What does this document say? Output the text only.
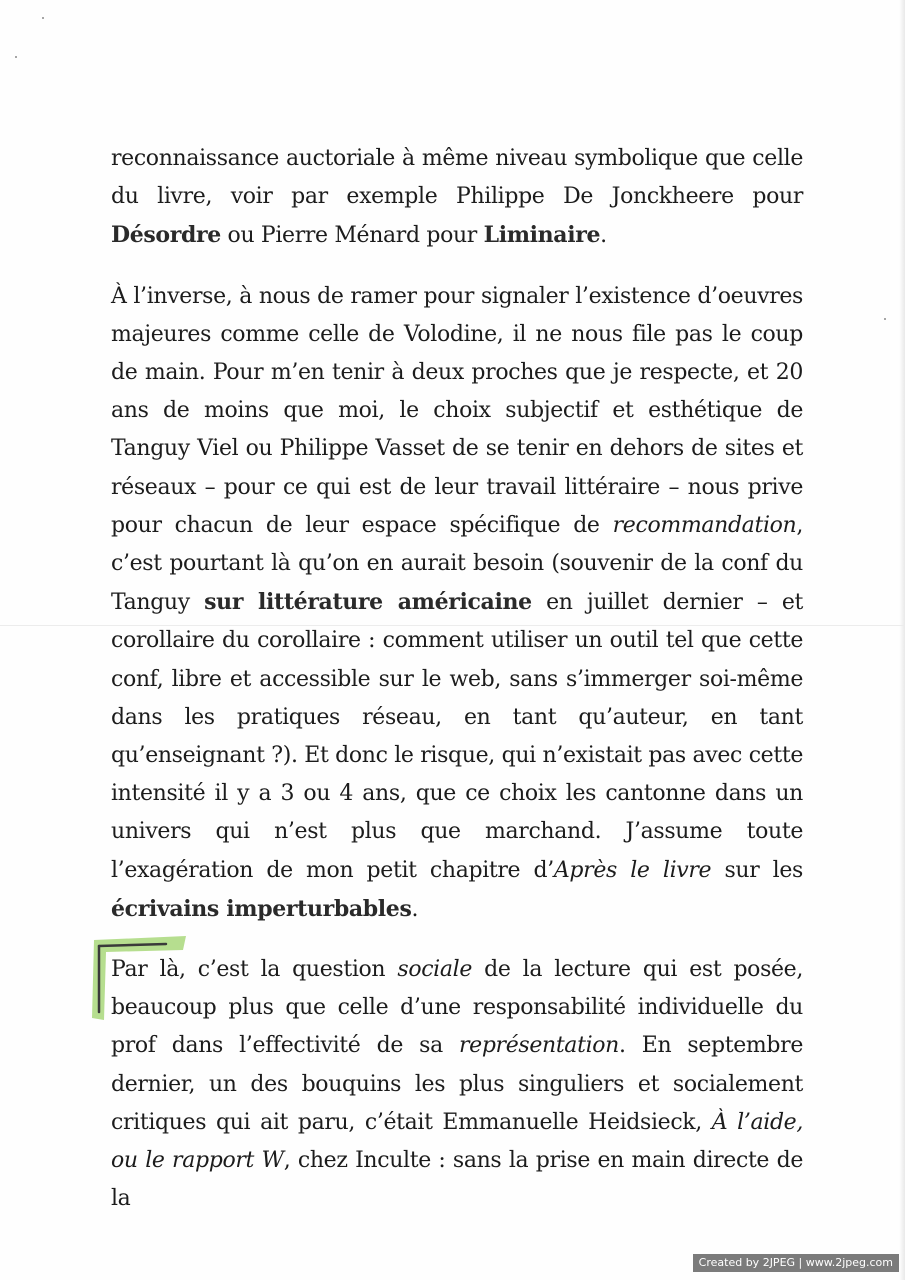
reconnaissance auctoriale à même niveau symbolique que celle du livre, voir par exemple Philippe De Jonckheere pour Désordre ou Pierre Ménard pour Liminaire.

À l’inverse, à nous de ramer pour signaler l’existence d’oeuvres majeures comme celle de Volodine, il ne nous file pas le coup de main. Pour m’en tenir à deux proches que je respecte, et 20 ans de moins que moi, le choix subjectif et esthétique de Tanguy Viel ou Philippe Vasset de se tenir en dehors de sites et réseaux – pour ce qui est de leur travail littéraire – nous prive pour chacun de leur espace spécifique de recommandation, c’est pourtant là qu’on en aurait besoin (souvenir de la conf du Tanguy sur littérature américaine en juillet dernier – et corollaire du corollaire : comment utiliser un outil tel que cette conf, libre et accessible sur le web, sans s’immerger soi-même dans les pratiques réseau, en tant qu’auteur, en tant qu’enseignant ?). Et donc le risque, qui n’existait pas avec cette intensité il y a 3 ou 4 ans, que ce choix les cantonne dans un univers qui n’est plus que marchand. J’assume toute l’exagération de mon petit chapitre d’Après le livre sur les écrivains imperturbables.

Par là, c’est la question sociale de la lecture qui est posée, beaucoup plus que celle d’une responsabilité individuelle du prof dans l’effectivité de sa représentation. En septembre dernier, un des bouquins les plus singuliers et socialement critiques qui ait paru, c’était Emmanuelle Heidsieck, À l’aide, ou le rapport W, chez Inculte : sans la prise en main directe de la

Created by 2JPEG | www.2jpeg.com
